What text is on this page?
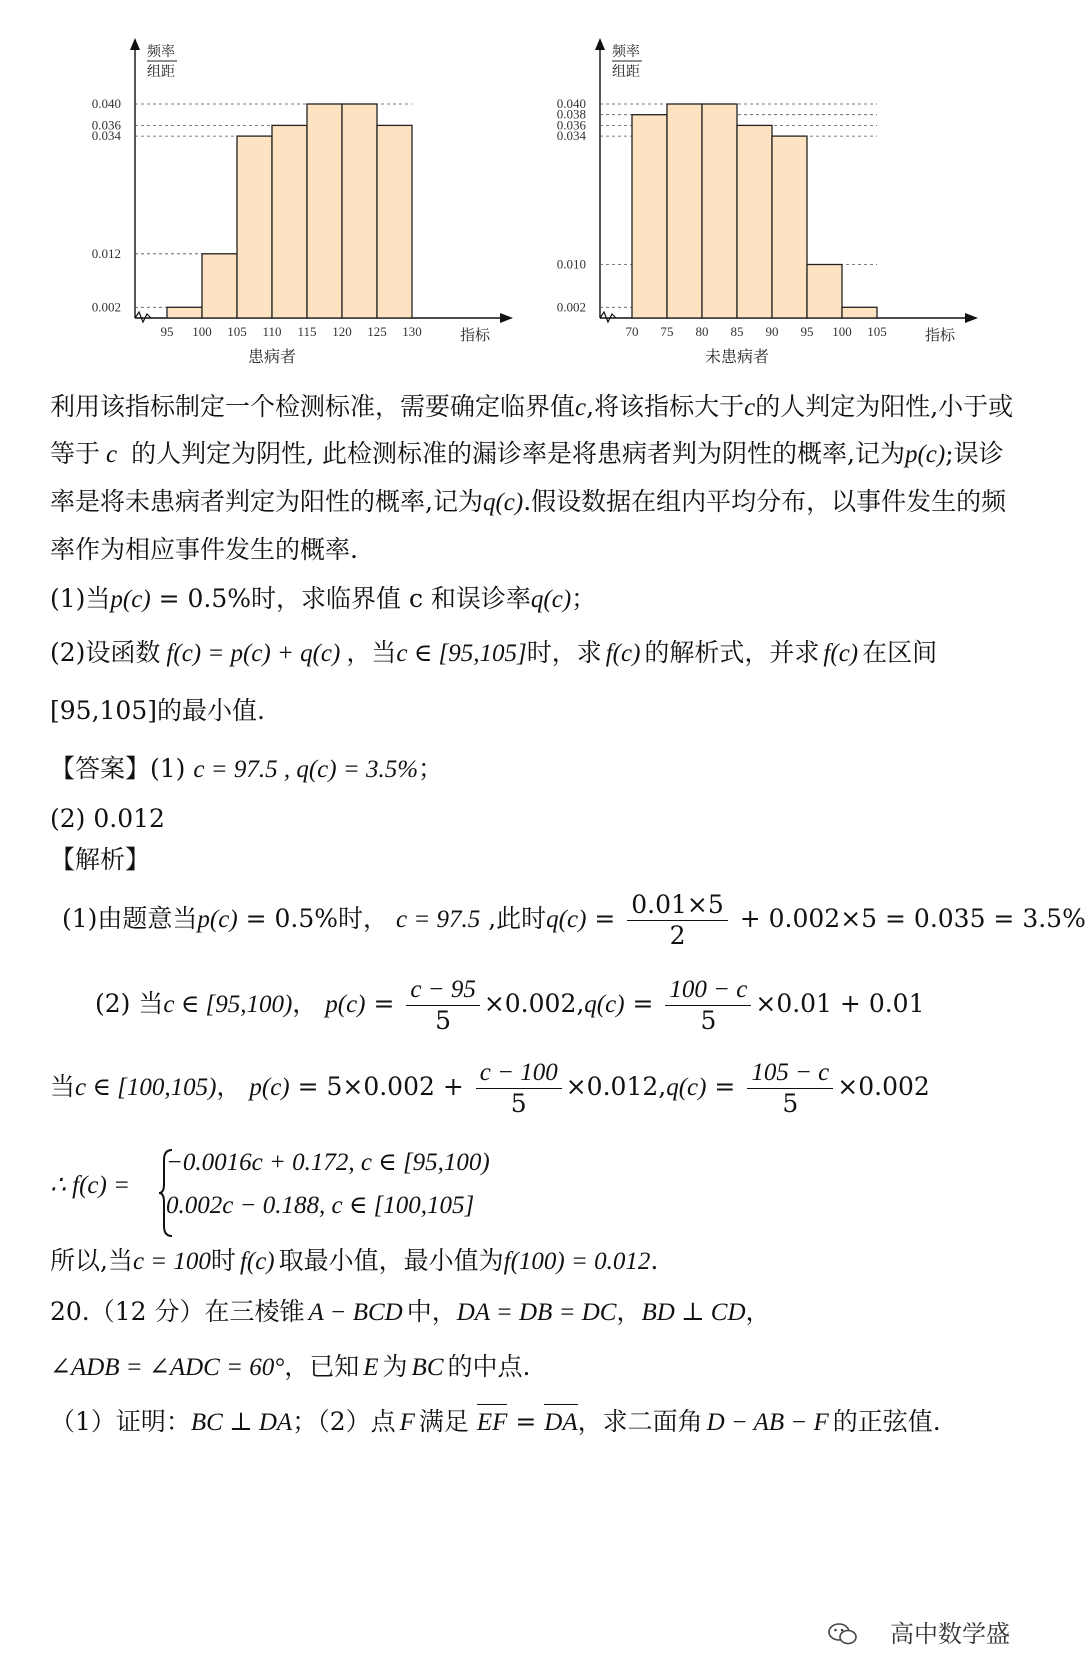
0.040
0.036
0.034
0.012
0.002
95 100 105 110 115 120 125 130
频率
组距
指标
患病者
0.040
0.038
0.036
0.034
0.010
0.002
70 75 80 85 90 95 100 105
频率
组距
指标
未患病者
利用该指标制定一个检测标准，需要确定临界值c,将该指标大于c的人判定为阳性,小于或
等于 c 的人判定为阴性, 此检测标准的漏诊率是将患病者判为阴性的概率,记为p(c);误诊
率是将未患病者判定为阳性的概率,记为q(c).假设数据在组内平均分布，以事件发生的频
率作为相应事件发生的概率.
(1)当p(c) = 0.5%时，求临界值 c 和误诊率q(c)；
(2)设函数 f(c) = p(c) + q(c) ，当c ∈ [95,105]时，求 f(c) 的解析式，并求 f(c) 在区间
[95,105]的最小值.
【答案】(1) c = 97.5 , q(c) = 3.5%；
(2) 0.012
【解析】
(1)由题意当p(c) = 0.5%时， c = 97.5 ,此时$q(c) = \frac{0.01\times 5}{2} + 0.002\times 5 = 0.035 = 3.5\%$
(2) 当c ∈ [95,100)， $p(c) = \frac{c - 95}{5} \times 0.002,q(c) = \frac{100 - c}{5} \times 0.01 + 0.01$
当c ∈ [100,105)， $p(c) = 5\times 0.002 + \frac{c - 100}{5} \times 0.012,q(c) = \frac{105 - c}{5} \times 0.002$
∴ f(c) =
−0.0016c + 0.172, c ∈ [95,100)
0.002c − 0.188, c ∈ [100,105]
所以,当c = 100时 f(c) 取最小值，最小值为f(100) = 0.012.
20.（12 分）在三棱锥 A − BCD 中，DA = DB = DC，BD ⊥ CD，
∠ADB = ∠ADC = 60°，已知 E 为 BC 的中点.
（1）证明：BC ⊥ DA；（2）点 F 满足 EF = DA，求二面角 D − AB − F 的正弦值.
高中数学盛
